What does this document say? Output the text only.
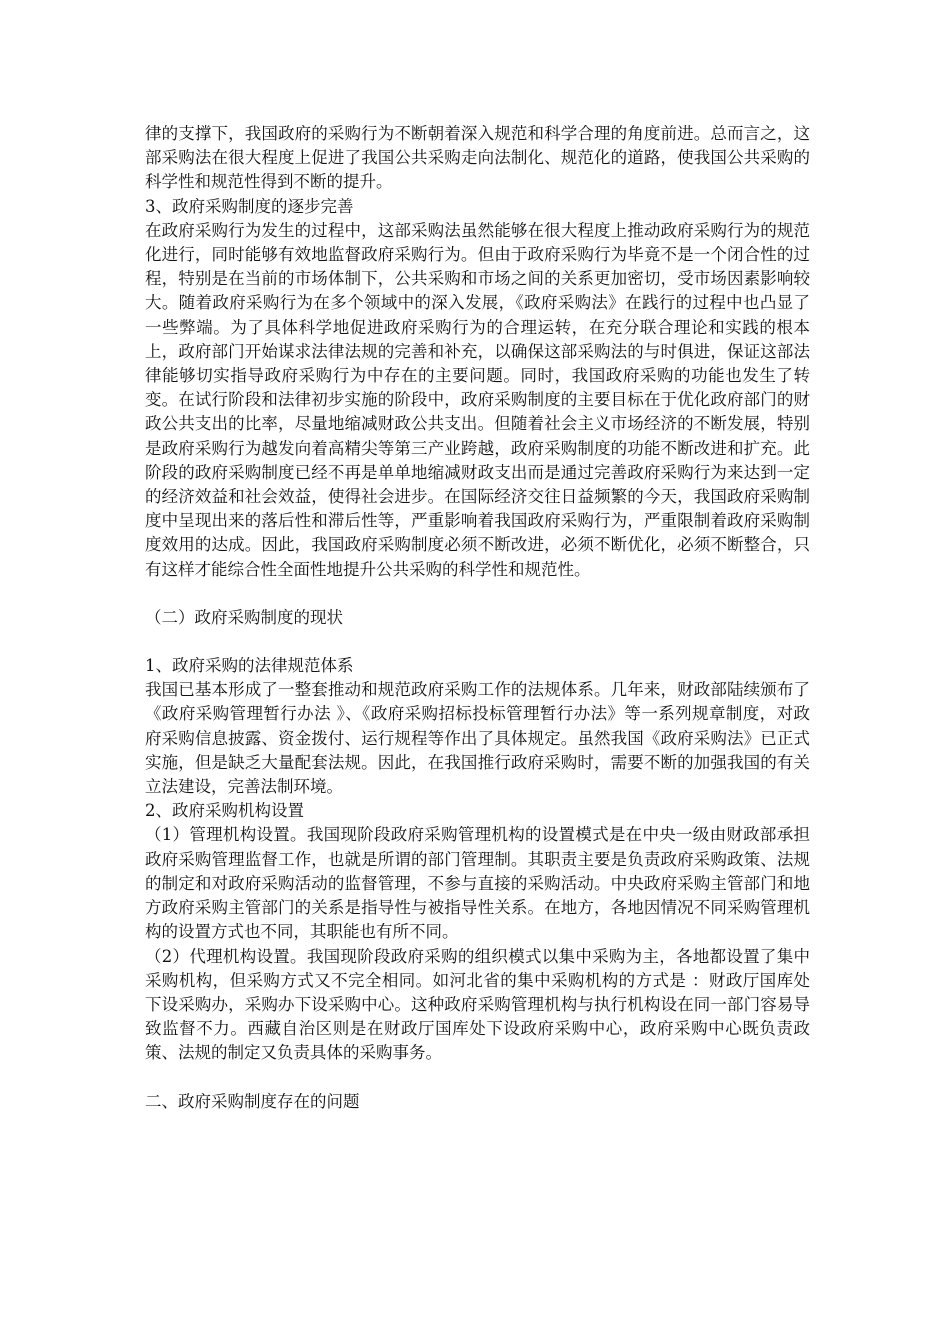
律的支撑下，我国政府的采购行为不断朝着深入规范和科学合理的角度前进。总而言之，这部采购法在很大程度上促进了我国公共采购走向法制化、规范化的道路，使我国公共采购的科学性和规范性得到不断的提升。

3、政府采购制度的逐步完善

在政府采购行为发生的过程中，这部采购法虽然能够在很大程度上推动政府采购行为的规范化进行，同时能够有效地监督政府采购行为。但由于政府采购行为毕竟不是一个闭合性的过程，特别是在当前的市场体制下，公共采购和市场之间的关系更加密切，受市场因素影响较大。随着政府采购行为在多个领域中的深入发展，《政府采购法》在践行的过程中也凸显了一些弊端。为了具体科学地促进政府采购行为的合理运转，在充分联合理论和实践的根本上，政府部门开始谋求法律法规的完善和补充，以确保这部采购法的与时俱进，保证这部法律能够切实指导政府采购行为中存在的主要问题。同时，我国政府采购的功能也发生了转变。在试行阶段和法律初步实施的阶段中，政府采购制度的主要目标在于优化政府部门的财政公共支出的比率，尽量地缩减财政公共支出。但随着社会主义市场经济的不断发展，特别是政府采购行为越发向着高精尖等第三产业跨越，政府采购制度的功能不断改进和扩充。此阶段的政府采购制度已经不再是单单地缩减财政支出而是通过完善政府采购行为来达到一定的经济效益和社会效益，使得社会进步。在国际经济交往日益频繁的今天，我国政府采购制度中呈现出来的落后性和滞后性等，严重影响着我国政府采购行为，严重限制着政府采购制度效用的达成。因此，我国政府采购制度必须不断改进，必须不断优化，必须不断整合，只有这样才能综合性全面性地提升公共采购的科学性和规范性。

（二）政府采购制度的现状

1、政府采购的法律规范体系

我国已基本形成了一整套推动和规范政府采购工作的法规体系。几年来，财政部陆续颁布了 《政府采购管理暂行办法 》、《政府采购招标投标管理暂行办法》等一系列规章制度，对政府采购信息披露、资金拨付、运行规程等作出了具体规定。虽然我国《政府采购法》已正式实施，但是缺乏大量配套法规。因此，在我国推行政府采购时，需要不断的加强我国的有关立法建设，完善法制环境。

2、政府采购机构设置

（1）管理机构设置。我国现阶段政府采购管理机构的设置模式是在中央一级由财政部承担政府采购管理监督工作，也就是所谓的部门管理制。其职责主要是负责政府采购政策、法规的制定和对政府采购活动的监督管理，不参与直接的采购活动。中央政府采购主管部门和地方政府采购主管部门的关系是指导性与被指导性关系。在地方，各地因情况不同采购管理机构的设置方式也不同，其职能也有所不同。

（2）代理机构设置。我国现阶段政府采购的组织模式以集中采购为主，各地都设置了集中采购机构，但采购方式又不完全相同。如河北省的集中采购机构的方式是 ：财政厅国库处下设采购办，采购办下设采购中心。这种政府采购管理机构与执行机构设在同一部门容易导致监督不力。西藏自治区则是在财政厅国库处下设政府采购中心，政府采购中心既负责政策、法规的制定又负责具体的采购事务。

二、政府采购制度存在的问题
